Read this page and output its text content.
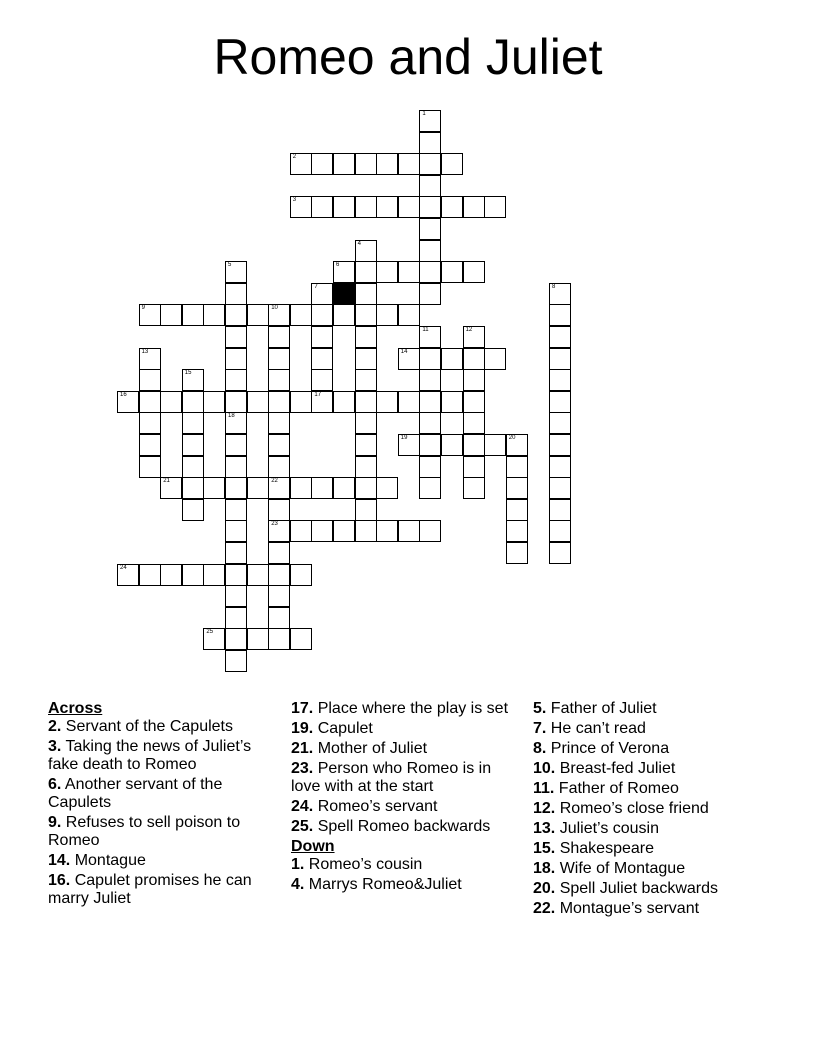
Romeo and Juliet
2
3
6
9	10
14
16	17
19	20
21	22
23
24
25
1
4
5
7	8
11	12
13
15
18
Across
2. Servant of the Capulets
3. Taking the news of Juliet’s fake death to Romeo
6. Another servant of the Capulets
9. Refuses to sell poison to Romeo
14. Montague
16. Capulet promises he can marry Juliet
17. Place where the play is set
19. Capulet
21. Mother of Juliet
23. Person who Romeo is in love with at the start
24. Romeo’s servant
25. Spell Romeo backwards
Down
1. Romeo’s cousin
4. Marrys Romeo&Juliet
5. Father of Juliet
7. He can’t read
8. Prince of Verona
10. Breast-fed Juliet
11. Father of Romeo
12. Romeo’s close friend
13. Juliet’s cousin
15. Shakespeare
18. Wife of Montague
20. Spell Juliet backwards
22. Montague’s servant
